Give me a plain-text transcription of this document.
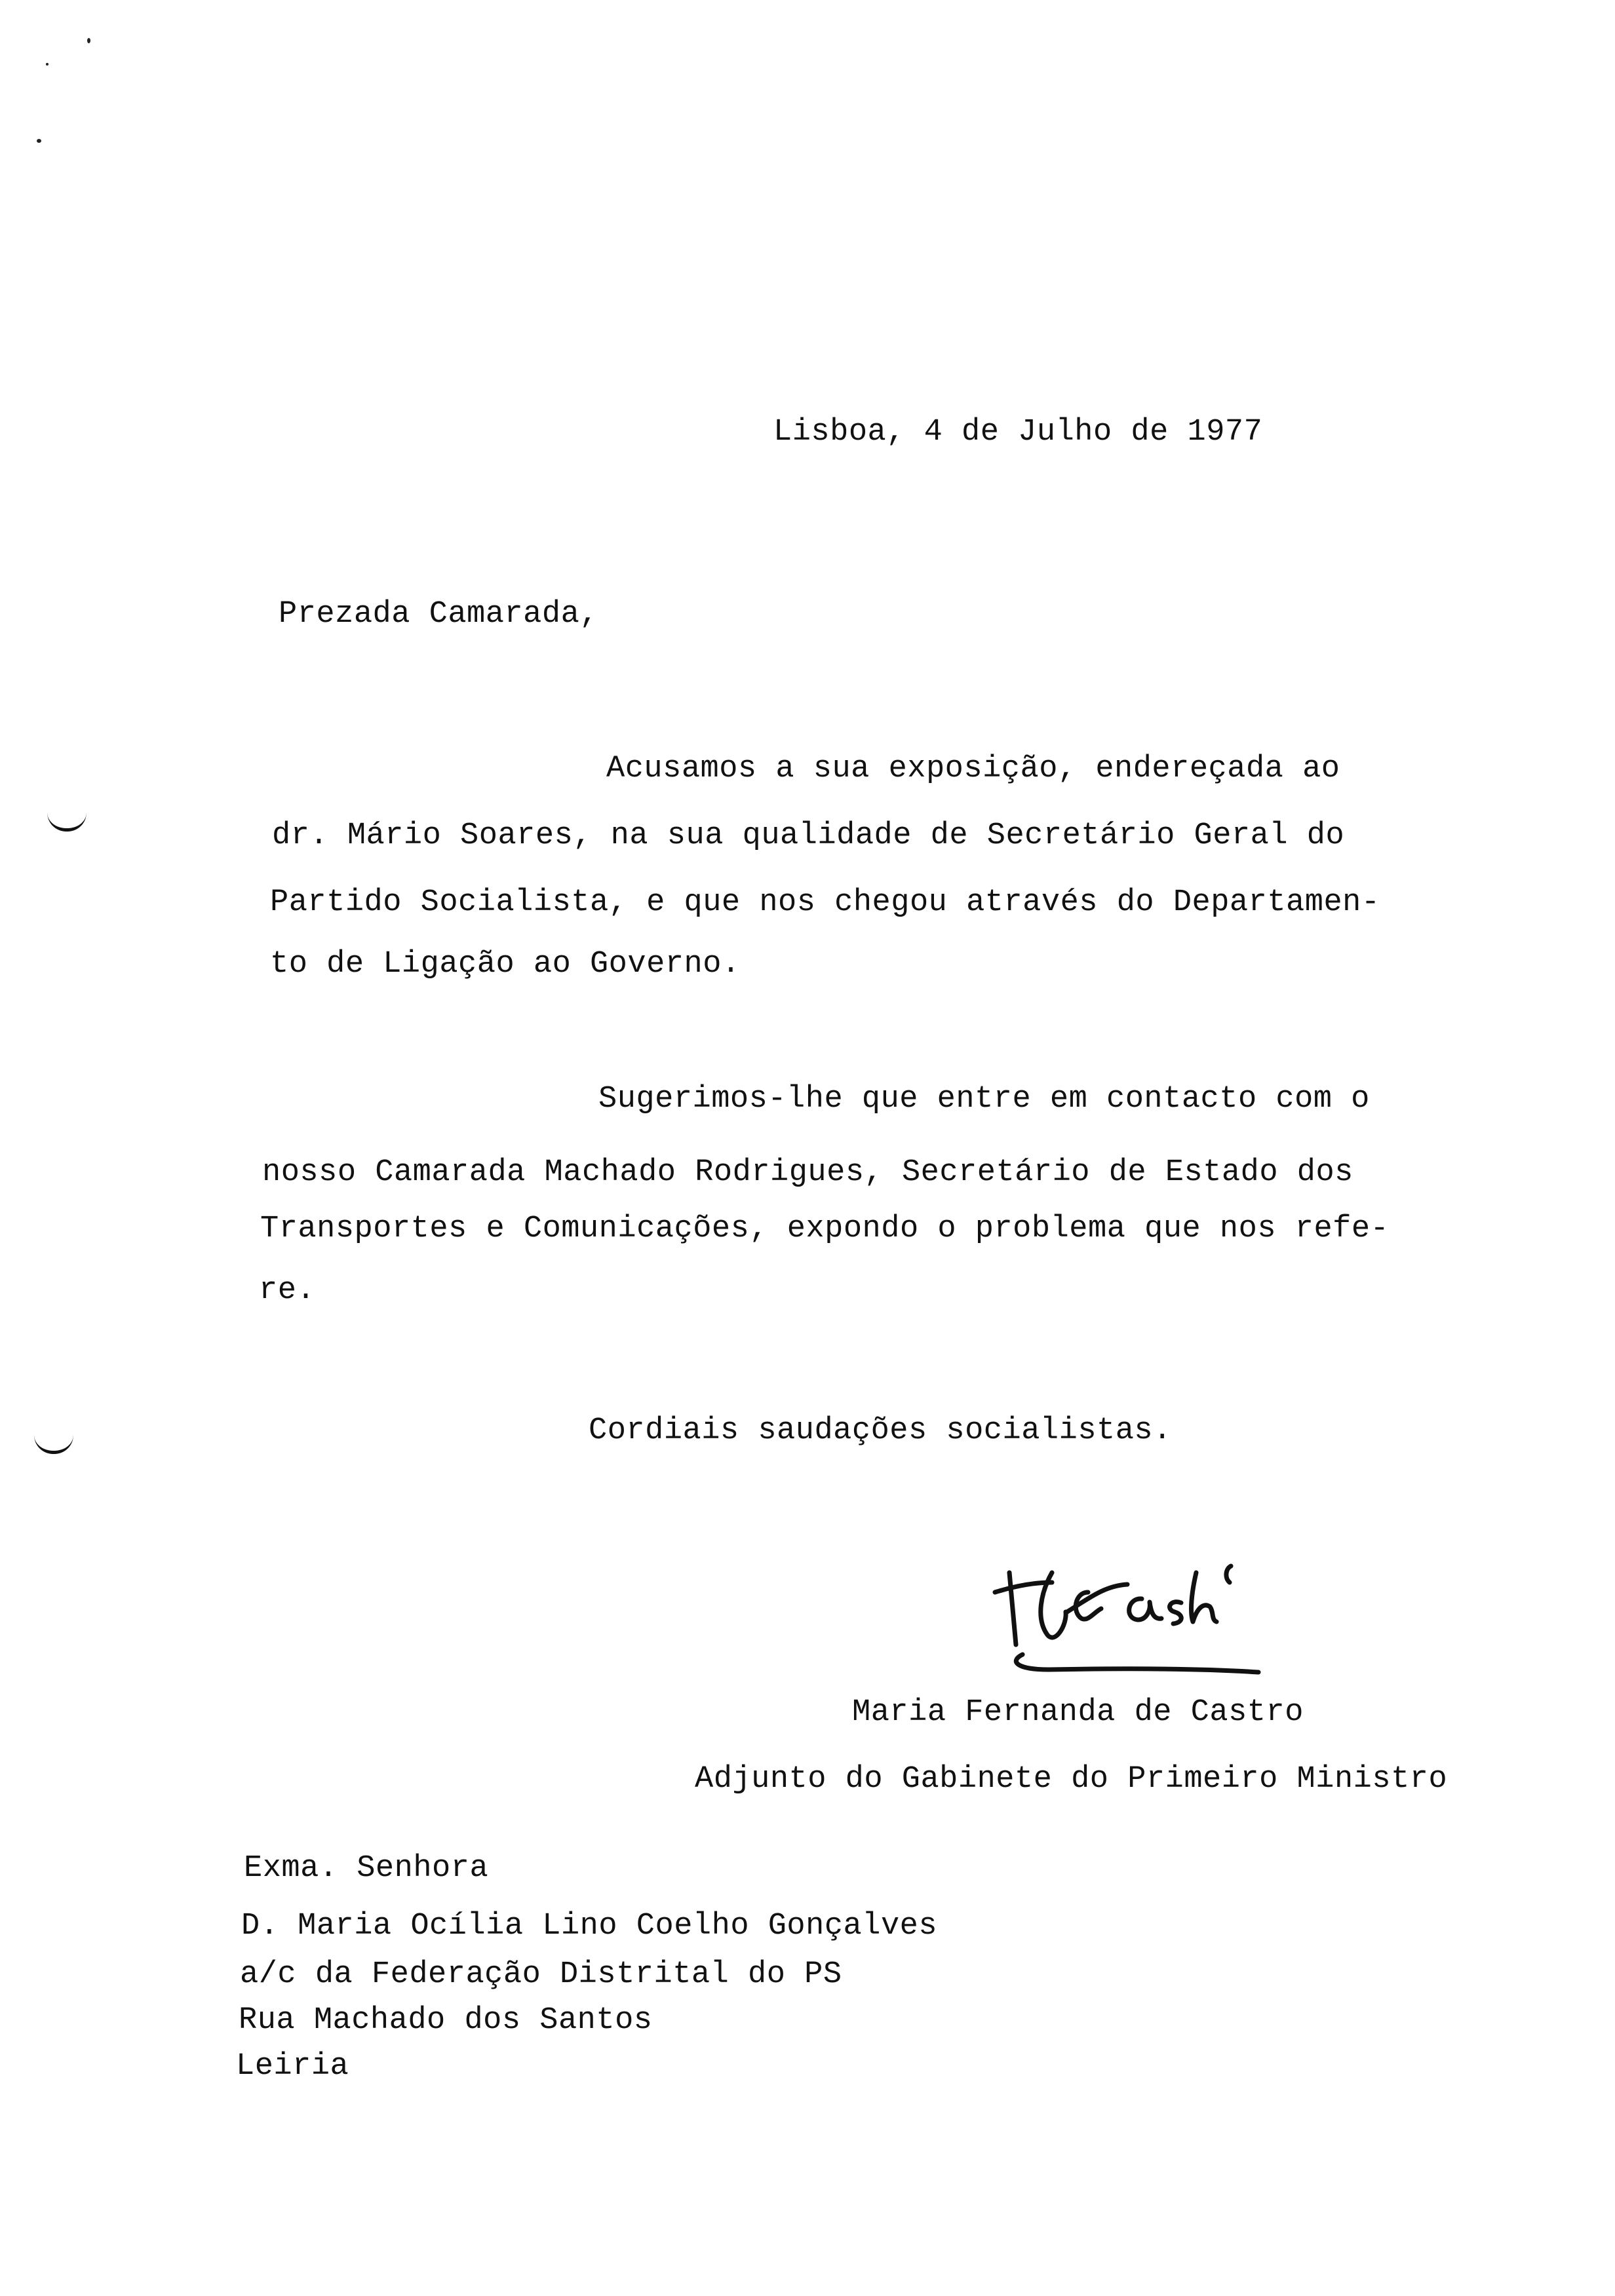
Lisboa, 4 de Julho de 1977
Prezada Camarada,
Acusamos a sua exposição, endereçada ao
dr. Mário Soares, na sua qualidade de Secretário Geral do
Partido Socialista, e que nos chegou através do Departamen-
to de Ligação ao Governo.
Sugerimos-lhe que entre em contacto com o
nosso Camarada Machado Rodrigues, Secretário de Estado dos
Transportes e Comunicações, expondo o problema que nos refe-
re.
Cordiais saudações socialistas.
Maria Fernanda de Castro
Adjunto do Gabinete do Primeiro Ministro
Exma. Senhora
D. Maria Ocília Lino Coelho Gonçalves
a/c da Federação Distrital do PS
Rua Machado dos Santos
Leiria
